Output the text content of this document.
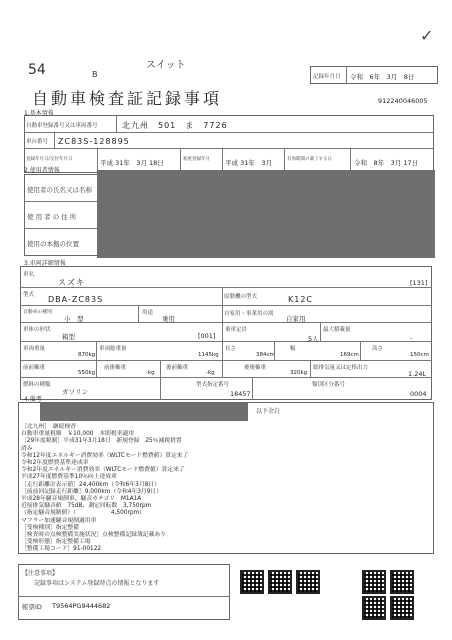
54	B
スイット
✓
記録年月日 令和　6年　3月　8日
自動車検査証記録事項	912240046005
1.基本情報
自動車登録番号又は車両番号	北九州　501　ま　7726
車台番号 ZC83S-128895
登録年月日/交付年月日	平成 31年　3月 18日	初度登録年月 平成 31年　3月	有効期間の満了する日	令和　8年　3月 17日
2.使用者情報
使用者の氏名又は名称
使 用 者 の 住 所
使用の本拠の位置
3.車両詳細情報
車名
スズキ	[131]
型式 DBA-ZC83S	原動機の型式	K12C
自動車の種別
小　型
用途
乗用
自家用・事業用の別
自家用
車体の形状
箱型	[001]
乗車定員
5人
最大積載量
-
車両重量
870kg
車両総重量
1145kg
長さ
384cm
幅
169cm
高さ
150cm
前前軸重
550kg
前後軸重
-kg
後前軸重
-kg
後後軸重
320kg
総排気量又は定格出力
1.24L
燃料の種類
ガソリン
型式指定番号
18457
類別区分番号
0004
4.備考
以下余白
［北九州］　継続検査
自動車重量税額　￥10,000　本則税率適用
［29年度税制］平成31年3月18日　新規登録　25％減税措置
済み
令和12年度エネルギー消費効率（WLTCモード燃費値）算定来了
令和2年度燃費基準達成率
令和2年度エネルギー消費効率（WLTCモード燃費値）算定来了
平成27年度燃費基準10％向上達成車
［走行距離計表示値］24,400km（令和6年3月8日）
［前前回記録走行距離］9,000km（令和4年3月9日）
平成28年騒音規制車、騒音カテゴリ　M1A1A
近接排気騒音値　75dB、測定回転数　3,750rpm
（指定騒音規制値）（　　　　　　4,500rpm）
マフラー加速騒音規制適用車
［受検種別］指定整備
［検査時の点検整備実施状況］点検整備記録簿記載あり
［受検形態］指定整備工場
［整備工場コード］91-00122
【注意事項】
記録事項はシステム登録時点の情報となります
帳票ID T9564PG9444682
